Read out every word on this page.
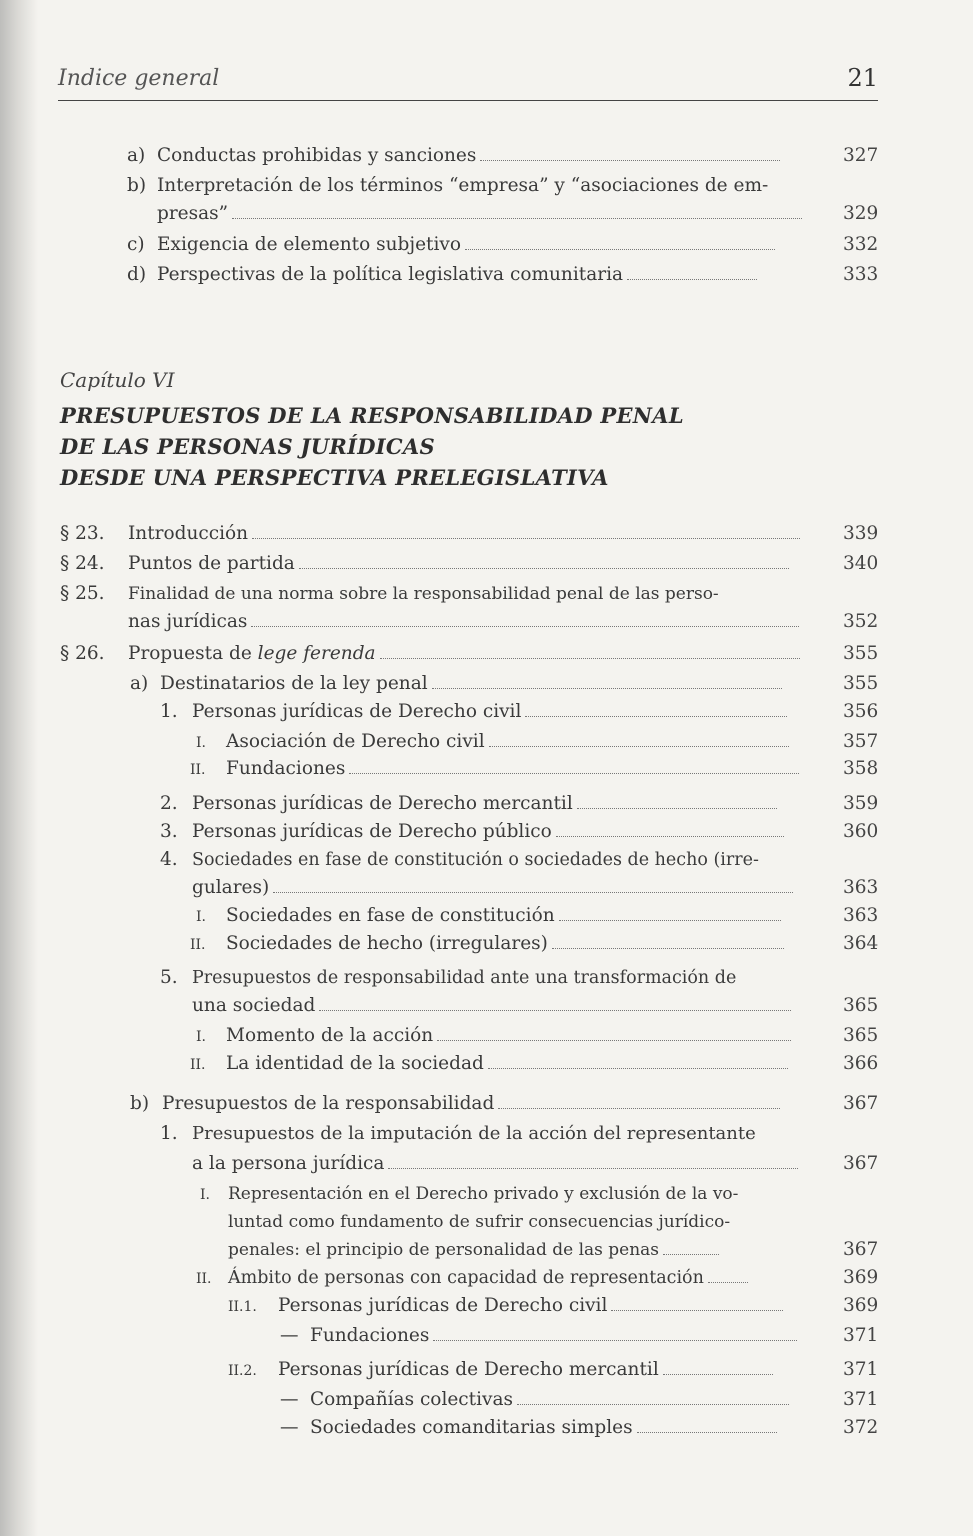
Indice general	21
a) Conductas prohibidas y sanciones	327
b) Interpretación de los términos “empresa” y “asociaciones de em-
presas”	329
c) Exigencia de elemento subjetivo	332
d) Perspectivas de la política legislativa comunitaria	333
Capítulo VI
PRESUPUESTOS DE LA RESPONSABILIDAD PENAL
DE LAS PERSONAS JURÍDICAS
DESDE UNA PERSPECTIVA PRELEGISLATIVA
§ 23. Introducción	339
§ 24. Puntos de partida	340
§ 25. Finalidad de una norma sobre la responsabilidad penal de las perso-
nas jurídicas	352
§ 26. Propuesta de lege ferenda	355
a) Destinatarios de la ley penal	355
1. Personas jurídicas de Derecho civil	356
I. Asociación de Derecho civil	357
II. Fundaciones	358
2. Personas jurídicas de Derecho mercantil	359
3. Personas jurídicas de Derecho público	360
4. Sociedades en fase de constitución o sociedades de hecho (irre-
gulares)	363
I. Sociedades en fase de constitución	363
II. Sociedades de hecho (irregulares)	364
5. Presupuestos de responsabilidad ante una transformación de
una sociedad	365
I. Momento de la acción	365
II. La identidad de la sociedad	366
b) Presupuestos de la responsabilidad	367
1. Presupuestos de la imputación de la acción del representante
a la persona jurídica	367
I. Representación en el Derecho privado y exclusión de la vo-
luntad como fundamento de sufrir consecuencias jurídico-
penales: el principio de personalidad de las penas	367
II. Ámbito de personas con capacidad de representación	369
II.1. Personas jurídicas de Derecho civil	369
— Fundaciones	371
II.2. Personas jurídicas de Derecho mercantil	371
— Compañías colectivas	371
— Sociedades comanditarias simples	372
